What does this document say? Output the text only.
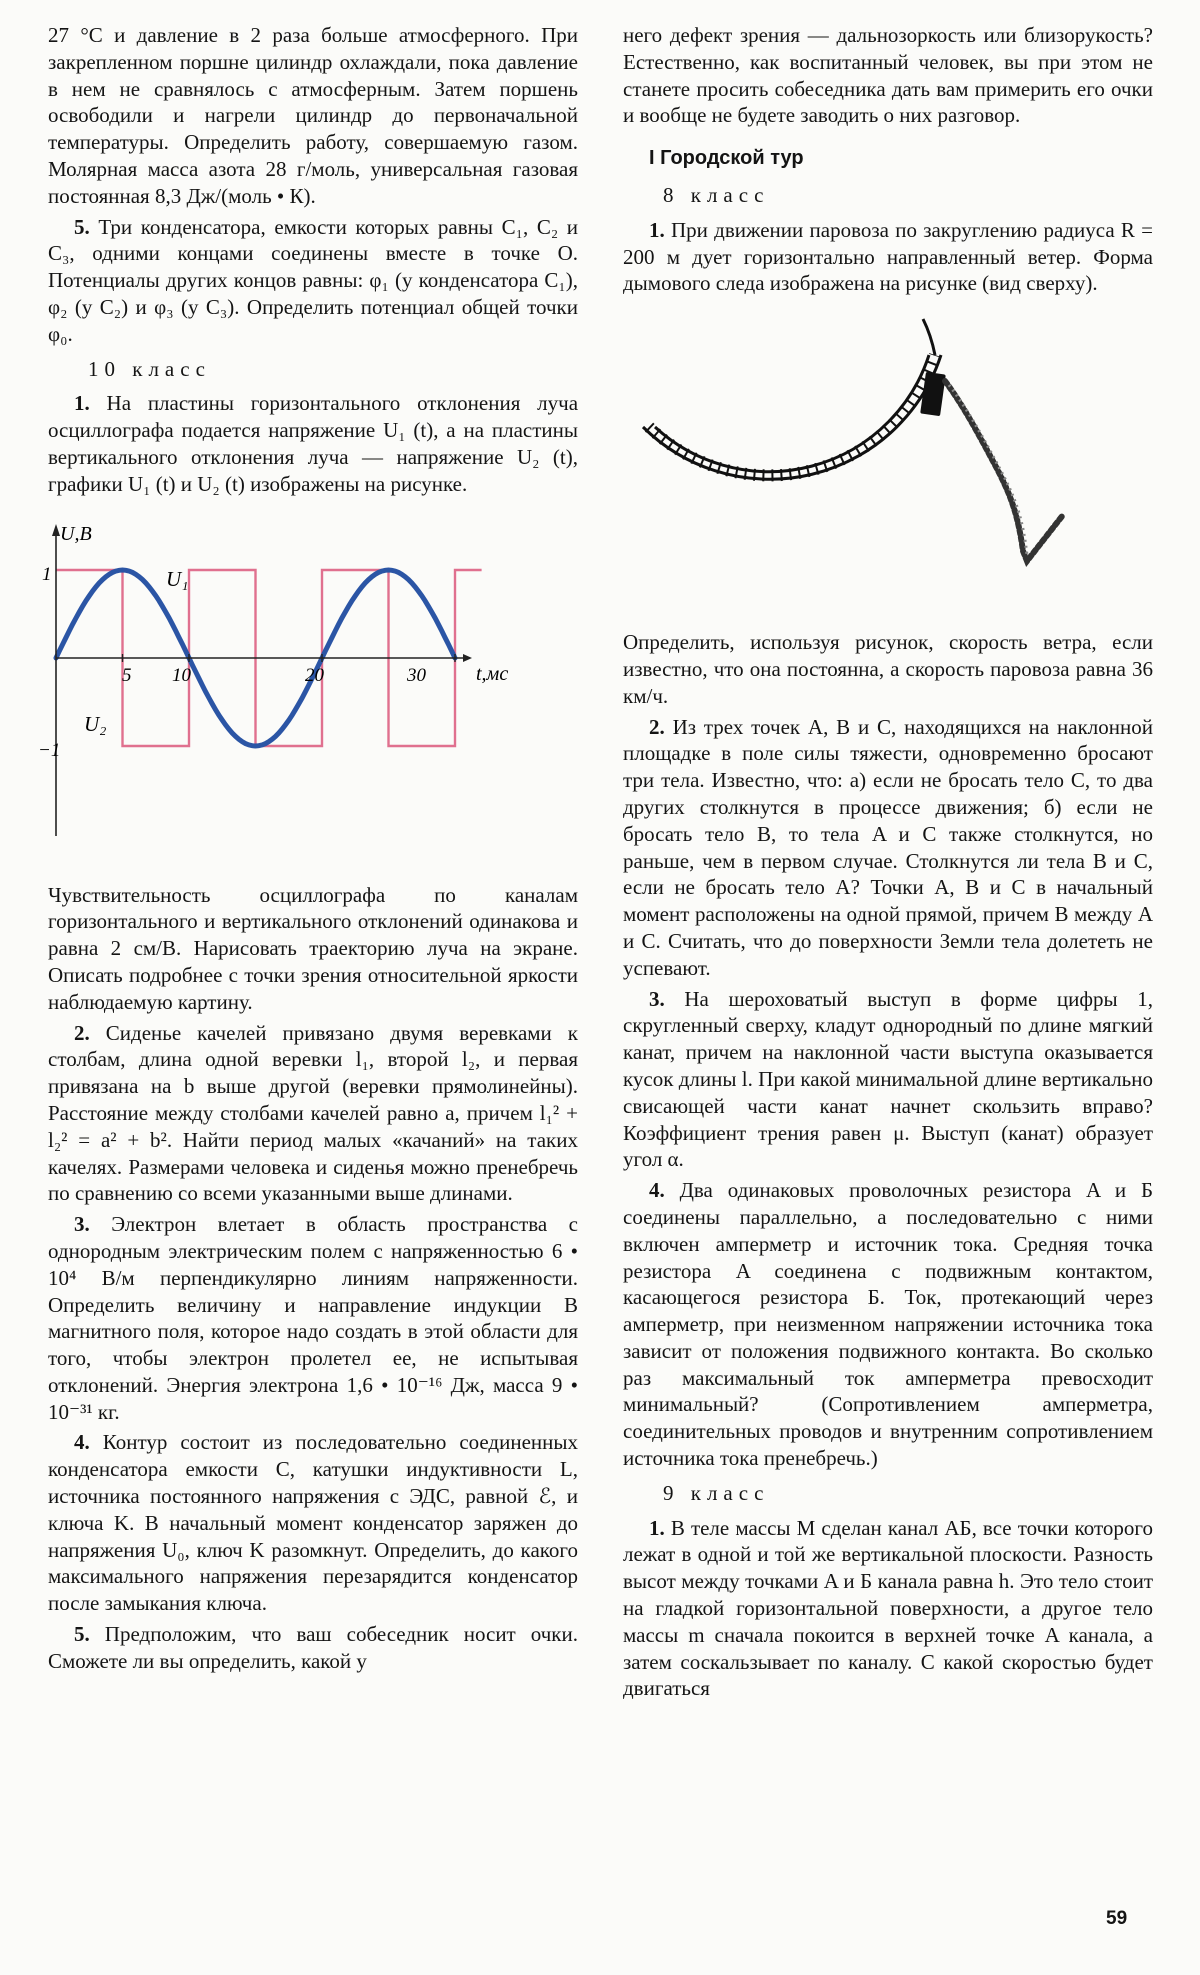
27 °C и давление в 2 раза больше атмосферного. При закрепленном поршне цилиндр охлаждали, пока давление в нем не сравнялось с атмосферным. Затем поршень освободили и нагрели цилиндр до первоначальной температуры. Определить работу, совершаемую газом. Молярная масса азота 28 г/моль, универсальная газовая постоянная 8,3 Дж/(моль • К).

5. Три конденсатора, емкости которых равны C₁, C₂ и C₃, одними концами соединены вместе в точке O. Потенциалы других концов равны: φ₁ (у конденсатора C₁), φ₂ (у C₂) и φ₃ (у C₃). Определить потенциал общей точки φ₀.

10 класс

1. На пластины горизонтального отклонения луча осциллографа подается напряжение U₁ (t), а на пластины вертикального отклонения луча — напряжение U₂ (t), графики U₁ (t) и U₂ (t) изображены на рисунке.

U,B
t,мс
1
−1
5 10	20	30
U₁
U₂

Чувствительность осциллографа по каналам горизонтального и вертикального отклонений одинакова и равна 2 см/В. Нарисовать траекторию луча на экране. Описать подробнее с точки зрения относительной яркости наблюдаемую картину.

2. Сиденье качелей привязано двумя веревками к столбам, длина одной веревки l₁, второй l₂, и первая привязана на b выше другой (веревки прямолинейны). Расстояние между столбами качелей равно a, причем l₁² + l₂² = a² + b². Найти период малых «качаний» на таких качелях. Размерами человека и сиденья можно пренебречь по сравнению со всеми указанными выше длинами.

3. Электрон влетает в область пространства с однородным электрическим полем с напряженностью 6 • 10⁴ В/м перпендикулярно линиям напряженности. Определить величину и направление индукции B магнитного поля, которое надо создать в этой области для того, чтобы электрон пролетел ее, не испытывая отклонений. Энергия электрона 1,6 • 10⁻¹⁶ Дж, масса 9 • 10⁻³¹ кг.

4. Контур состоит из последовательно соединенных конденсатора емкости C, катушки индуктивности L, источника постоянного напряжения с ЭДС, равной ℰ, и ключа K. В начальный момент конденсатор заряжен до напряжения U₀, ключ K разомкнут. Определить, до какого максимального напряжения перезарядится конденсатор после замыкания ключа.

5. Предположим, что ваш собеседник носит очки. Сможете ли вы определить, какой у

него дефект зрения — дальнозоркость или близорукость? Естественно, как воспитанный человек, вы при этом не станете просить собеседника дать вам примерить его очки и вообще не будете заводить о них разговор.

I Городской тур
8 класс

1. При движении паровоза по закруглению радиуса R = 200 м дует горизонтально направленный ветер. Форма дымового следа изображена на рисунке (вид сверху).

Определить, используя рисунок, скорость ветра, если известно, что она постоянна, а скорость паровоза равна 36 км/ч.

2. Из трех точек A, B и C, находящихся на наклонной площадке в поле силы тяжести, одновременно бросают три тела. Известно, что: а) если не бросать тело C, то два других столкнутся в процессе движения; б) если не бросать тело B, то тела A и C также столкнутся, но раньше, чем в первом случае. Столкнутся ли тела B и C, если не бросать тело A? Точки A, B и C в начальный момент расположены на одной прямой, причем B между A и C. Считать, что до поверхности Земли тела долететь не успевают.

3. На шероховатый выступ в форме цифры 1, скругленный сверху, кладут однородный по длине мягкий канат, причем на наклонной части выступа оказывается кусок длины l. При какой минимальной длине вертикально свисающей части канат начнет скользить вправо? Коэффициент трения равен μ. Выступ (канат) образует угол α.

4. Два одинаковых проволочных резистора A и Б соединены параллельно, а последовательно с ними включен амперметр и источник тока. Средняя точка резистора A соединена с подвижным контактом, касающегося резистора Б. Ток, протекающий через амперметр, при неизменном напряжении источника тока зависит от положения подвижного контакта. Во сколько раз максимальный ток амперметра превосходит минимальный? (Сопротивлением амперметра, соединительных проводов и внутренним сопротивлением источника тока пренебречь.)

9 класс

1. В теле массы M сделан канал АБ, все точки которого лежат в одной и той же вертикальной плоскости. Разность высот между точками A и Б канала равна h. Это тело стоит на гладкой горизонтальной поверхности, а другое тело массы m сначала покоится в верхней точке A канала, а затем соскальзывает по каналу. С какой скоростью будет двигаться

59
